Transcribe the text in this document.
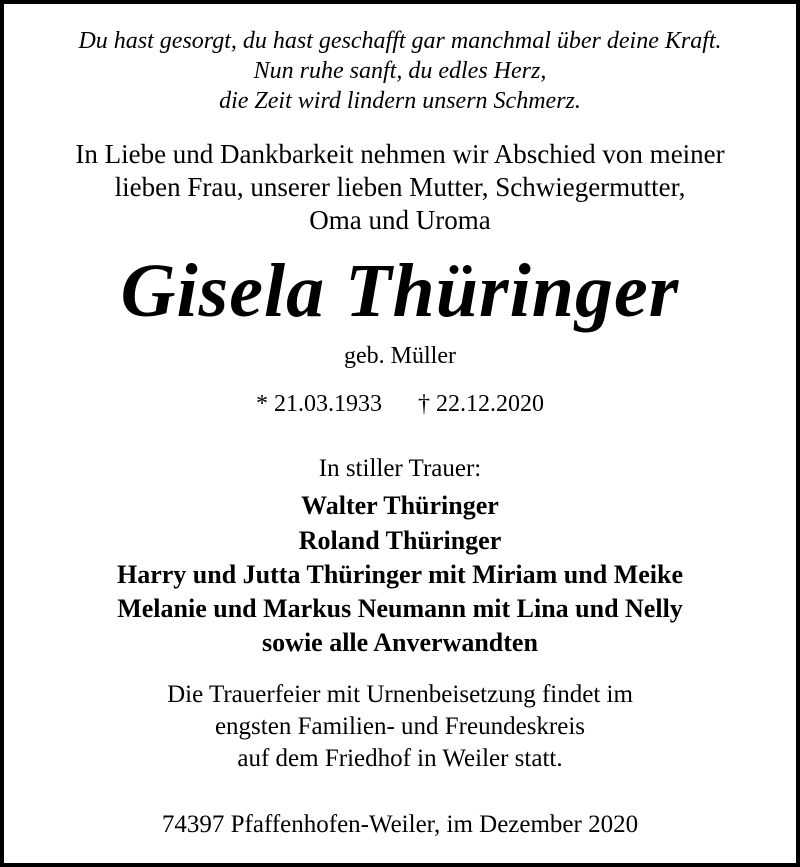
Du hast gesorgt, du hast geschafft gar manchmal über deine Kraft.
Nun ruhe sanft, du edles Herz,
die Zeit wird lindern unsern Schmerz.
In Liebe und Dankbarkeit nehmen wir Abschied von meiner
lieben Frau, unserer lieben Mutter, Schwiegermutter,
Oma und Uroma
Gisela Thüringer
geb. Müller
* 21.03.1933 † 22.12.2020
In stiller Trauer:
Walter Thüringer
Roland Thüringer
Harry und Jutta Thüringer mit Miriam und Meike
Melanie und Markus Neumann mit Lina und Nelly
sowie alle Anverwandten
Die Trauerfeier mit Urnenbeisetzung findet im
engsten Familien- und Freundeskreis
auf dem Friedhof in Weiler statt.
74397 Pfaffenhofen-Weiler, im Dezember 2020
